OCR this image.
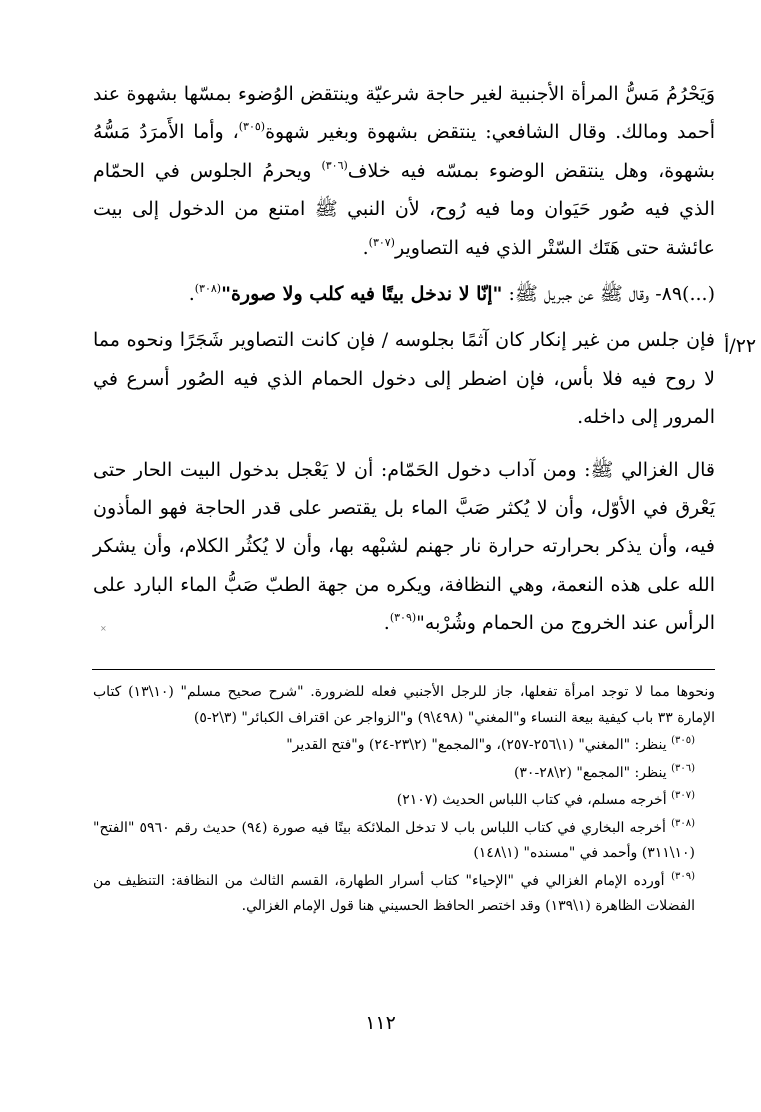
وَيَحْرُمُ مَسُّ المرأة الأجنبية لغير حاجة شرعيّة وينتقض الوُضوء بمسّها بشهوة عند أحمد ومالك. وقال الشافعي: ينتقض بشهوة وبغير شهوة$^{(٣٠٥)}$، وأما الأَمرَدُ مَسُّهُ بشهوة، وهل ينتقض الوضوء بمسّه فيه خلاف$^{(٣٠٦)}$ ويحرمُ الجلوس في الحمّام الذي فيه صُور حَيَوان وما فيه رُوح، لأن النبي ﷺ امتنع من الدخول إلى بيت عائشة حتى هَتَك السّتْر الذي فيه التصاوير$^{(٣٠٧)}$.

(...)٨٩- وقال ﷺ عن جبريل ﷺ: "إنّا لا ندخل بيتًا فيه كلب ولا صورة"$^{(٣٠٨)}$.

فإن جلس من غير إنكار كان آثمًا بجلوسه / فإن كانت التصاوير شَجَرًا ونحوه مما لا روح فيه فلا بأس، فإن اضطر إلى دخول الحمام الذي فيه الصُور أسرع في المرور إلى داخله.

قال الغزالي ﷺ: ومن آداب دخول الحَمّام: أن لا يَعْجل بدخول البيت الحار حتى يَعْرق في الأوّل، وأن لا يُكثر صَبَّ الماء بل يقتصر على قدر الحاجة فهو المأذون فيه، وأن يذكر بحرارته حرارة نار جهنم لشبْهه بها، وأن لا يُكثُر الكلام، وأن يشكر الله على هذه النعمة، وهي النظافة، ويكره من جهة الطبّ صَبُّ الماء البارد على الرأس عند الخروج من الحمام وشُرْبه"$^{(٣٠٩)}$.

٢٢/أ
×

ونحوها مما لا توجد امرأة تفعلها، جاز للرجل الأجنبي فعله للضرورة. "شرح صحيح مسلم" (١٠\١٣) كتاب الإمارة ٣٣ باب كيفية بيعة النساء و"المغني" (٤٩٨\٩) و"الزواجر عن اقتراف الكبائر" (٣\٢-٥)

$^{(٣٠٥)}$ ينظر: "المغني" (١\٢٥٦-٢٥٧)، و"المجمع" (٢\٢٣-٢٤) و"فتح القدير"

$^{(٣٠٦)}$ ينظر: "المجمع" (٢\٢٨-٣٠)

$^{(٣٠٧)}$ أخرجه مسلم، في كتاب اللباس الحديث (٢١٠٧)

$^{(٣٠٨)}$ أخرجه البخاري في كتاب اللباس باب لا تدخل الملائكة بيتًا فيه صورة (٩٤) حديث رقم ٥٩٦٠ "الفتح" (١٠\٣١١) وأحمد في "مسنده" (١\١٤٨)

$^{(٣٠٩)}$ أورده الإمام الغزالي في "الإحياء" كتاب أسرار الطهارة، القسم الثالث من النظافة: التنظيف من الفضلات الظاهرة (١\١٣٩) وقد اختصر الحافظ الحسيني هنا قول الإمام الغزالي.

١١٢
